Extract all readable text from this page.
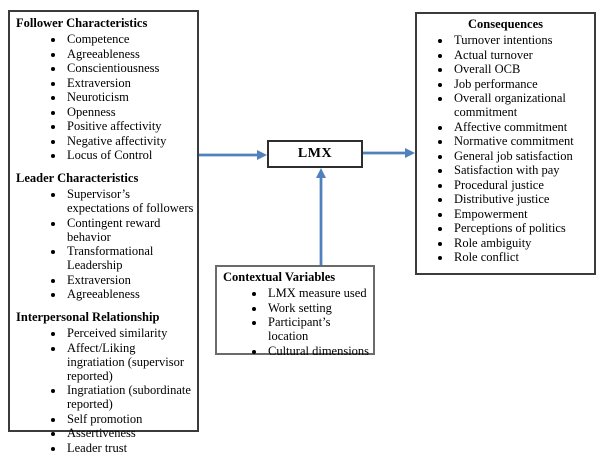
Follower Characteristics
• Competence
• Agreeableness
• Conscientiousness
• Extraversion
• Neuroticism
• Openness
• Positive affectivity
• Negative affectivity
• Locus of Control
Leader Characteristics
• Supervisor’s expectations of followers
• Contingent reward behavior
• Transformational Leadership
• Extraversion
• Agreeableness
Interpersonal Relationship
• Perceived similarity
• Affect/Liking ingratiation (supervisor reported)
• Ingratiation (subordinate reported)
• Self promotion
• Assertiveness
• Leader trust
LMX
Consequences
• Turnover intentions
• Actual turnover
• Overall OCB
• Job performance
• Overall organizational commitment
• Affective commitment
• Normative commitment
• General job satisfaction
• Satisfaction with pay
• Procedural justice
• Distributive justice
• Empowerment
• Perceptions of politics
• Role ambiguity
• Role conflict
Contextual Variables
• LMX measure used
• Work setting
• Participant’s location
• Cultural dimensions
